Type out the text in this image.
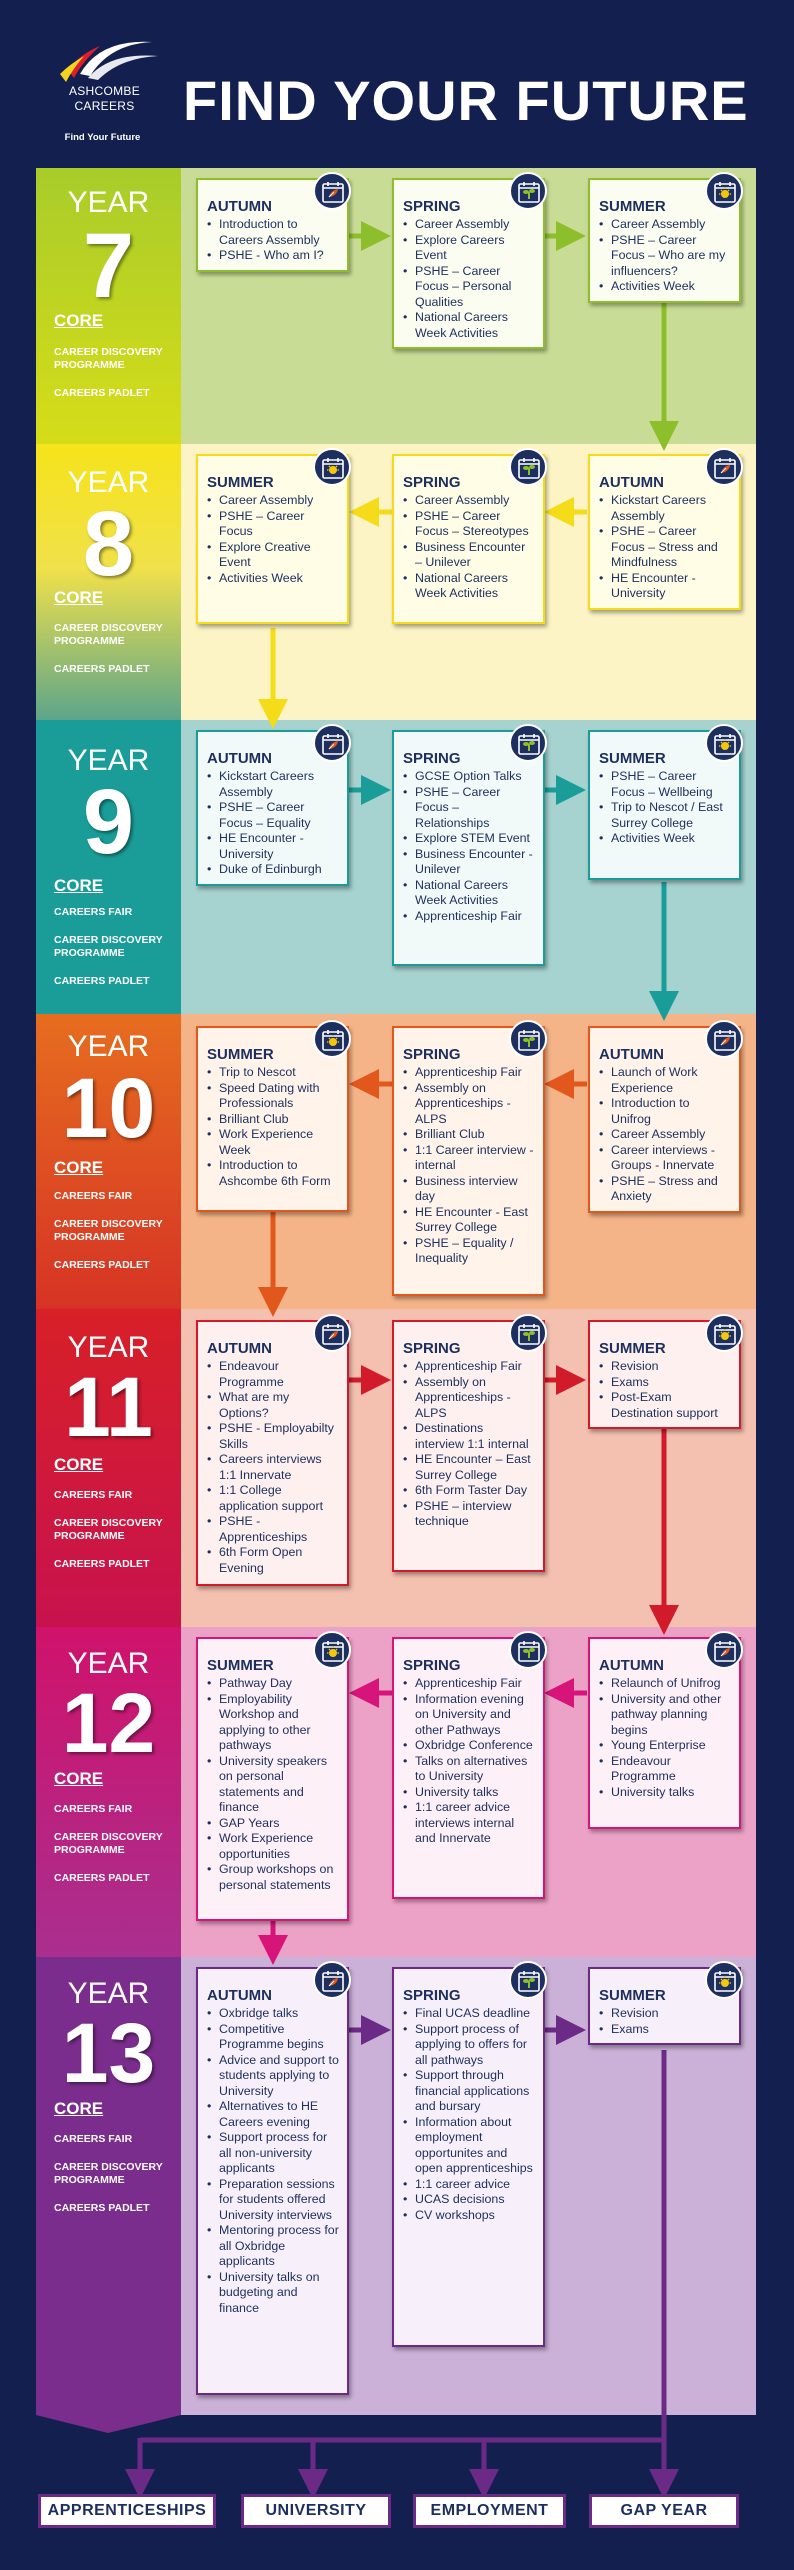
ASHCOMBE
CAREERS
Find Your Future
FIND YOUR FUTURE
YEAR
7
CORE
CAREER DISCOVERY PROGRAMME
CAREERS PADLET
YEAR
8
CORE
CAREER DISCOVERY PROGRAMME
CAREERS PADLET
YEAR
9
CORE
CAREERS FAIR
CAREER DISCOVERY PROGRAMME
CAREERS PADLET
YEAR
10
CORE
CAREERS FAIR
CAREER DISCOVERY PROGRAMME
CAREERS PADLET
YEAR
11
CORE
CAREERS FAIR
CAREER DISCOVERY PROGRAMME
CAREERS PADLET
YEAR
12
CORE
CAREERS FAIR
CAREER DISCOVERY PROGRAMME
CAREERS PADLET
YEAR
13
CORE
CAREERS FAIR
CAREER DISCOVERY PROGRAMME
CAREERS PADLET
AUTUMN
• Introduction to Careers Assembly
• PSHE - Who am I?
SPRING
• Career Assembly
• Explore Careers Event
• PSHE – Career Focus – Personal Qualities
• National Careers Week Activities
SUMMER
• Career Assembly
• PSHE – Career Focus – Who are my influencers?
• Activities Week
SUMMER
• Career Assembly
• PSHE – Career Focus
• Explore Creative Event
• Activities Week
SPRING
• Career Assembly
• PSHE – Career Focus – Stereotypes
• Business Encounter – Unilever
• National Careers Week Activities
AUTUMN
• Kickstart Careers Assembly
• PSHE – Career Focus – Stress and Mindfulness
• HE Encounter - University
AUTUMN
• Kickstart Careers Assembly
• PSHE – Career Focus – Equality
• HE Encounter - University
• Duke of Edinburgh
SPRING
• GCSE Option Talks
• PSHE – Career Focus – Relationships
• Explore STEM Event
• Business Encounter - Unilever
• National Careers Week Activities
• Apprenticeship Fair
SUMMER
• PSHE – Career Focus – Wellbeing
• Trip to Nescot / East Surrey College
• Activities Week
SUMMER
• Trip to Nescot
• Speed Dating with Professionals
• Brilliant Club
• Work Experience Week
• Introduction to Ashcombe 6th Form
SPRING
• Apprenticeship Fair
• Assembly on Apprenticeships - ALPS
• Brilliant Club
• 1:1 Career interview - internal
• Business interview day
• HE Encounter - East Surrey College
• PSHE – Equality / Inequality
AUTUMN
• Launch of Work Experience
• Introduction to Unifrog
• Career Assembly
• Career interviews - Groups - Innervate
• PSHE – Stress and Anxiety
AUTUMN
• Endeavour Programme
• What are my Options?
• PSHE - Employabilty Skills
• Careers interviews 1:1 Innervate
• 1:1 College application support
• PSHE - Apprenticeships
• 6th Form Open Evening
SPRING
• Apprenticeship Fair
• Assembly on Apprenticeships - ALPS
• Destinations interview 1:1 internal
• HE Encounter – East Surrey College
• 6th Form Taster Day
• PSHE – interview technique
SUMMER
• Revision
• Exams
• Post-Exam Destination support
SUMMER
• Pathway Day
• Employability Workshop and applying to other pathways
• University speakers on personal statements and finance
• GAP Years
• Work Experience opportunities
• Group workshops on personal statements
SPRING
• Apprenticeship Fair
• Information evening on University and other Pathways
• Oxbridge Conference
• Talks on alternatives to University
• University talks
• 1:1 career advice interviews internal and Innervate
AUTUMN
• Relaunch of Unifrog
• University and other pathway planning begins
• Young Enterprise
• Endeavour Programme
• University talks
AUTUMN
• Oxbridge talks
• Competitive Programme begins
• Advice and support to students applying to University
• Alternatives to HE Careers evening
• Support process for all non-university applicants
• Preparation sessions for students offered University interviews
• Mentoring process for all Oxbridge applicants
• University talks on budgeting and finance
SPRING
• Final UCAS deadline
• Support process of applying to offers for all pathways
• Support through financial applications and bursary
• Information about employment opportunites and open apprenticeships
• 1:1 career advice
• UCAS decisions
• CV workshops
SUMMER
• Revision
• Exams
APPRENTICESHIPS	UNIVERSITY	EMPLOYMENT	GAP YEAR
